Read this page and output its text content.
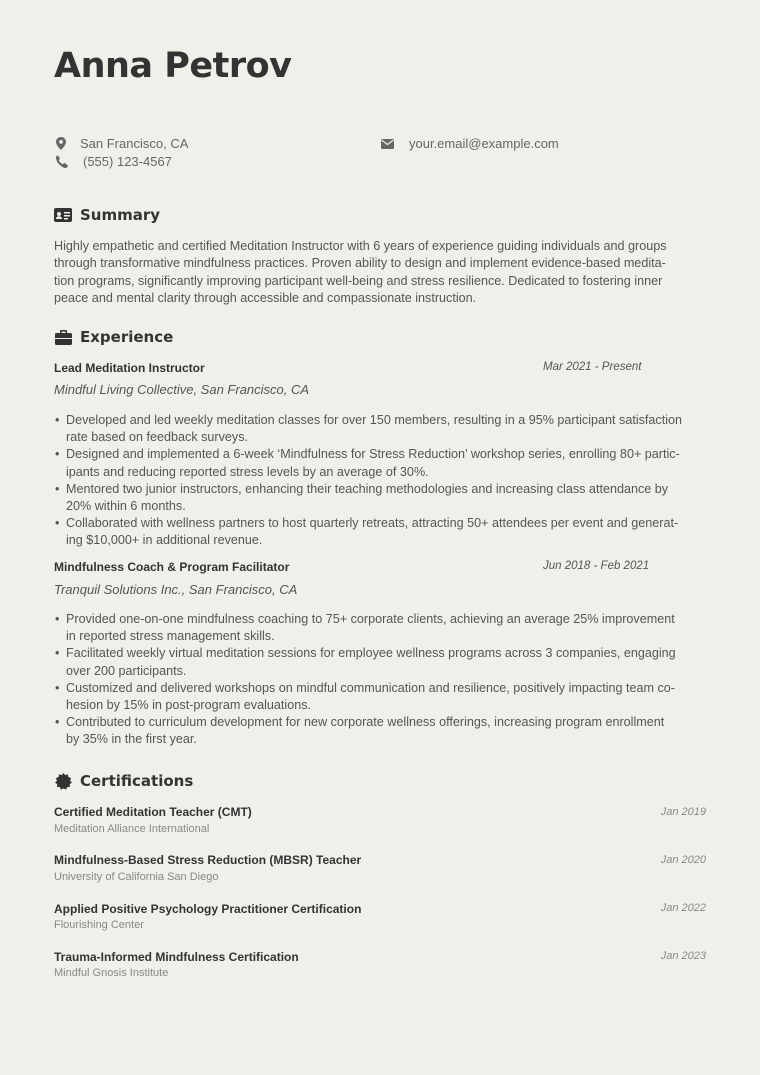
Anna Petrov
San Francisco, CA
(555) 123-4567
your.email@example.com
Summary
Highly empathetic and certified Meditation Instructor with 6 years of experience guiding individuals and groups
through transformative mindfulness practices. Proven ability to design and implement evidence-based medita-
tion programs, significantly improving participant well-being and stress resilience. Dedicated to fostering inner
peace and mental clarity through accessible and compassionate instruction.
Experience
Lead Meditation Instructor	Mar 2021 - Present
Mindful Living Collective, San Francisco, CA
• Developed and led weekly meditation classes for over 150 members, resulting in a 95% participant satisfaction
rate based on feedback surveys.
• Designed and implemented a 6-week ‘Mindfulness for Stress Reduction’ workshop series, enrolling 80+ partic-
ipants and reducing reported stress levels by an average of 30%.
• Mentored two junior instructors, enhancing their teaching methodologies and increasing class attendance by
20% within 6 months.
• Collaborated with wellness partners to host quarterly retreats, attracting 50+ attendees per event and generat-
ing $10,000+ in additional revenue.
Mindfulness Coach & Program Facilitator	Jun 2018 - Feb 2021
Tranquil Solutions Inc., San Francisco, CA
• Provided one-on-one mindfulness coaching to 75+ corporate clients, achieving an average 25% improvement
in reported stress management skills.
• Facilitated weekly virtual meditation sessions for employee wellness programs across 3 companies, engaging
over 200 participants.
• Customized and delivered workshops on mindful communication and resilience, positively impacting team co-
hesion by 15% in post-program evaluations.
• Contributed to curriculum development for new corporate wellness offerings, increasing program enrollment
by 35% in the first year.
Certifications
Certified Meditation Teacher (CMT)	Jan 2019
Meditation Alliance International
Mindfulness-Based Stress Reduction (MBSR) Teacher	Jan 2020
University of California San Diego
Applied Positive Psychology Practitioner Certification	Jan 2022
Flourishing Center
Trauma-Informed Mindfulness Certification	Jan 2023
Mindful Gnosis Institute
